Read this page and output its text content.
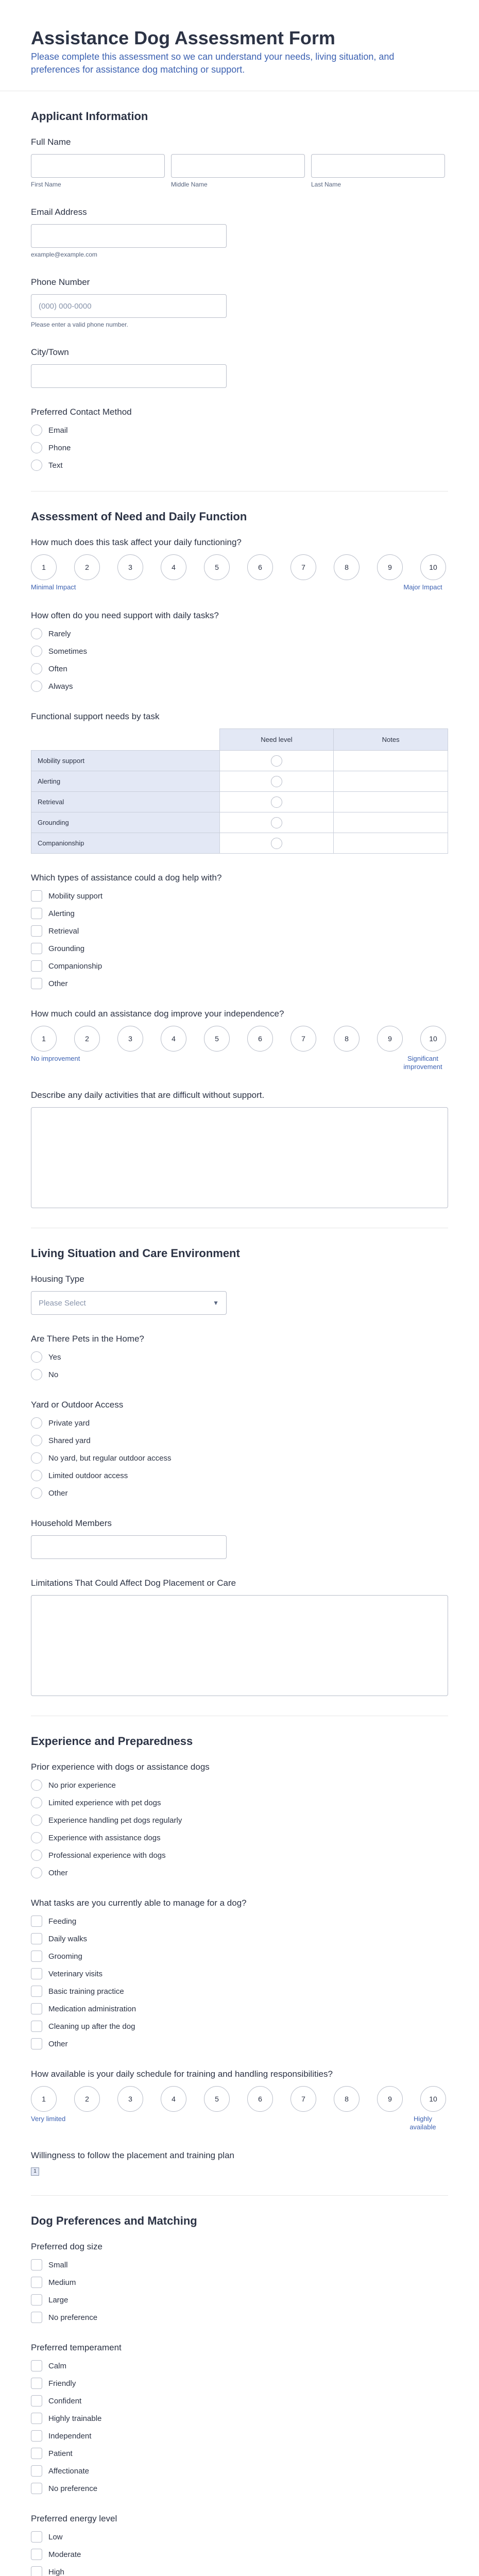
Assistance Dog Assessment Form
Please complete this assessment so we can understand your needs, living situation, and preferences for assistance dog matching or support.
Applicant Information
Full Name
First Name	Middle Name	Last Name
Email Address
example@example.com
Phone Number
(000) 000-0000
Please enter a valid phone number.
City/Town
Preferred Contact Method
Email
Phone
Text
Assessment of Need and Daily Function
How much does this task affect your daily functioning?
1	2	3	4	5	6	7	8	9	10
Minimal Impact	Major Impact
How often do you need support with daily tasks?
Rarely
Sometimes
Often
Always
Functional support needs by task
	Need level	Notes
Mobility support		
Alerting		
Retrieval		
Grounding		
Companionship		
Which types of assistance could a dog help with?
Mobility support
Alerting
Retrieval
Grounding
Companionship
Other
How much could an assistance dog improve your independence?
1	2	3	4	5	6	7	8	9	10
No improvement	Significant improvement
Describe any daily activities that are difficult without support.
Living Situation and Care Environment
Housing Type
Please Select	▼
Are There Pets in the Home?
Yes
No
Yard or Outdoor Access
Private yard
Shared yard
No yard, but regular outdoor access
Limited outdoor access
Other
Household Members
Limitations That Could Affect Dog Placement or Care
Experience and Preparedness
Prior experience with dogs or assistance dogs
No prior experience
Limited experience with pet dogs
Experience handling pet dogs regularly
Experience with assistance dogs
Professional experience with dogs
Other
What tasks are you currently able to manage for a dog?
Feeding
Daily walks
Grooming
Veterinary visits
Basic training practice
Medication administration
Cleaning up after the dog
Other
How available is your daily schedule for training and handling responsibilities?
1	2	3	4	5	6	7	8	9	10
Very limited	Highly available
Willingness to follow the placement and training plan
1
Dog Preferences and Matching
Preferred dog size
Small
Medium
Large
No preference
Preferred temperament
Calm
Friendly
Confident
Highly trainable
Independent
Patient
Affectionate
No preference
Preferred energy level
Low
Moderate
High
